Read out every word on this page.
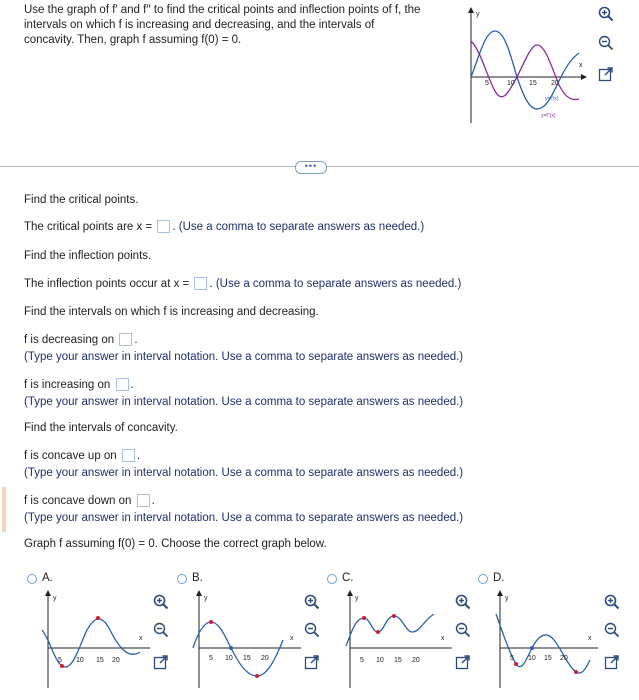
Use the graph of f′ and f′′ to find the critical points and inflection points of f, the
intervals on which f is increasing and decreasing, and the intervals of
concavity. Then, graph f assuming f(0) = 0.
y
x
5	10 15 20
y=f′(x)
y=f′′(x)
•••
Find the critical points.
The critical points are x = . (Use a comma to separate answers as needed.)
Find the inflection points.
The inflection points occur at x = . (Use a comma to separate answers as needed.)
Find the intervals on which f is increasing and decreasing.
f is decreasing on .
(Type your answer in interval notation. Use a comma to separate answers as needed.)
f is increasing on .
(Type your answer in interval notation. Use a comma to separate answers as needed.)
Find the intervals of concavity.
f is concave up on .
(Type your answer in interval notation. Use a comma to separate answers as needed.)
f is concave down on .
(Type your answer in interval notation. Use a comma to separate answers as needed.)
Graph f assuming f(0) = 0. Choose the correct graph below.
A.
y
x
5 10 15 20
B.
y
x
5 10 15 20
C.
y
x
5 10 15 20
D.
y
x
5 10 15 20
